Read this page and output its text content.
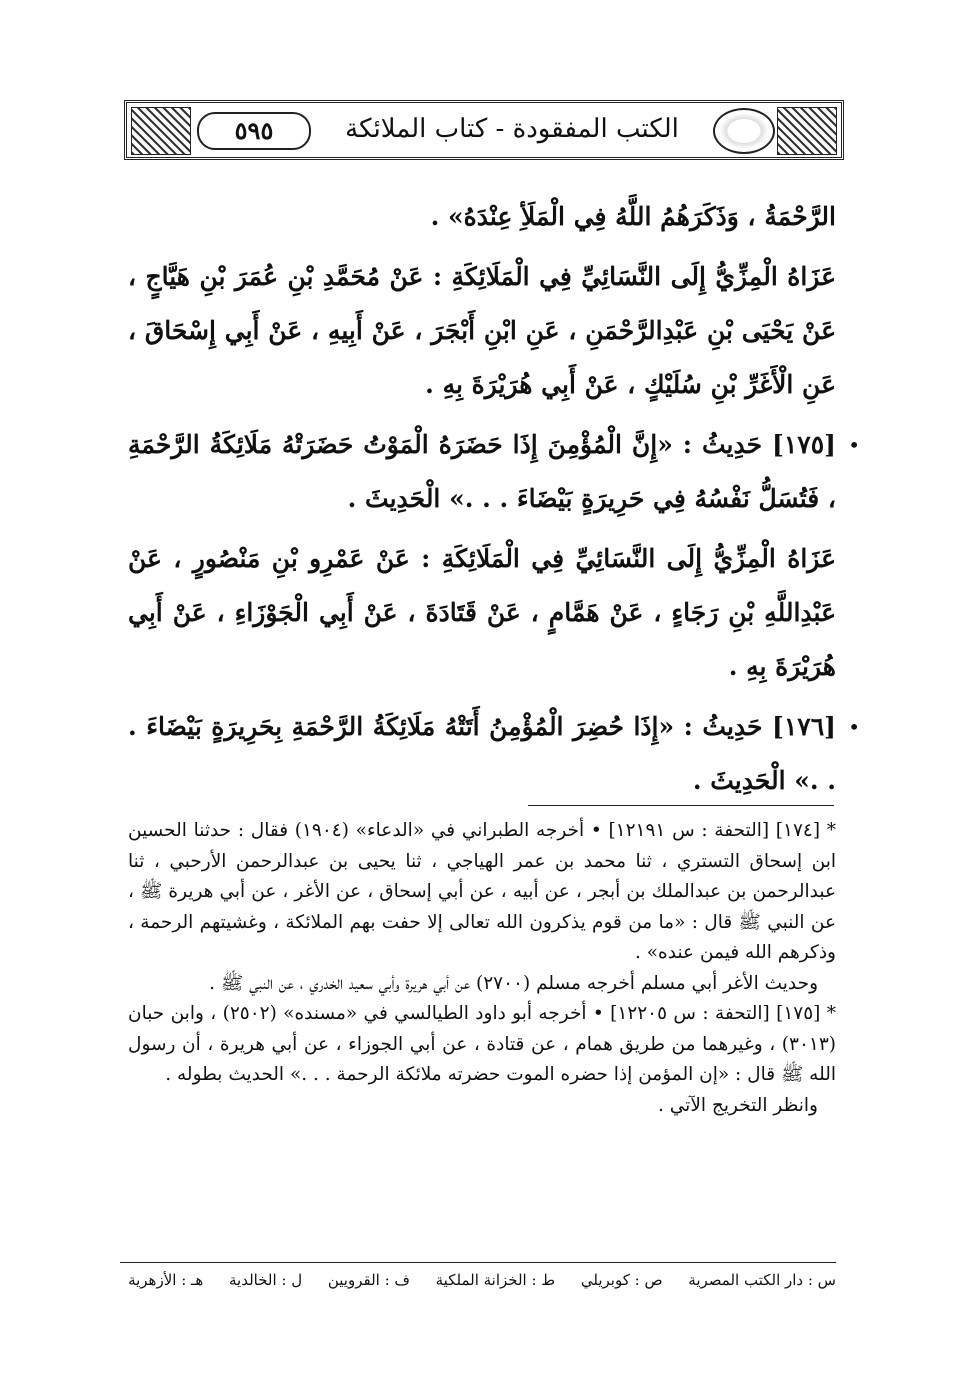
٥٩٥	الكتب المفقودة - كتاب الملائكة

الرَّحْمَةُ ، وَذَكَرَهُمُ اللَّهُ فِي الْمَلَأِ عِنْدَهُ» .

عَزَاهُ الْمِزِّيُّ إِلَى النَّسَائِيِّ فِي الْمَلَائِكَةِ : عَنْ مُحَمَّدِ بْنِ عُمَرَ بْنِ هَيَّاجٍ ، عَنْ يَحْيَى بْنِ عَبْدِالرَّحْمَنِ ، عَنِ ابْنِ أَبْجَرَ ، عَنْ أَبِيهِ ، عَنْ أَبِي إِسْحَاقَ ، عَنِ الْأَغَرِّ بْنِ سُلَيْكٍ ، عَنْ أَبِي هُرَيْرَةَ بِهِ .

•
[١٧٥] حَدِيثُ : «إِنَّ الْمُؤْمِنَ إِذَا حَضَرَهُ الْمَوْتُ حَضَرَتْهُ مَلَائِكَةُ الرَّحْمَةِ ، فَتُسَلُّ نَفْسُهُ فِي حَرِيرَةٍ بَيْضَاءَ . . .» الْحَدِيثَ .

عَزَاهُ الْمِزِّيُّ إِلَى النَّسَائِيِّ فِي الْمَلَائِكَةِ : عَنْ عَمْرِو بْنِ مَنْصُورٍ ، عَنْ عَبْدِاللَّهِ بْنِ رَجَاءٍ ، عَنْ هَمَّامٍ ، عَنْ قَتَادَةَ ، عَنْ أَبِي الْجَوْزَاءِ ، عَنْ أَبِي هُرَيْرَةَ بِهِ .

•
[١٧٦] حَدِيثُ : «إِذَا حُضِرَ الْمُؤْمِنُ أَتَتْهُ مَلَائِكَةُ الرَّحْمَةِ بِحَرِيرَةٍ بَيْضَاءَ . . .» الْحَدِيثَ .

* [١٧٤] [التحفة : س ١٢١٩١] • أخرجه الطبراني في «الدعاء» (١٩٠٤) فقال : حدثنا الحسين ابن إسحاق التستري ، ثنا محمد بن عمر الهياجي ، ثنا يحيى بن عبدالرحمن الأرحبي ، ثنا عبدالرحمن بن عبدالملك بن أبجر ، عن أبيه ، عن أبي إسحاق ، عن الأغر ، عن أبي هريرة ﷺ ، عن النبي ﷺ قال : «ما من قوم يذكرون الله تعالى إلا حفت بهم الملائكة ، وغشيتهم الرحمة ، وذكرهم الله فيمن عنده» .

وحديث الأغر أبي مسلم أخرجه مسلم (٢٧٠٠) عن أبي هريرة وأبي سعيد الخدري ، عن النبي ﷺ .

* [١٧٥] [التحفة : س ١٢٢٠٥] • أخرجه أبو داود الطيالسي في «مسنده» (٢٥٠٢) ، وابن حبان (٣٠١٣) ، وغيرهما من طريق همام ، عن قتادة ، عن أبي الجوزاء ، عن أبي هريرة ، أن رسول الله ﷺ قال : «إن المؤمن إذا حضره الموت حضرته ملائكة الرحمة . . .» الحديث بطوله .

وانظر التخريج الآتي .

س : دار الكتب المصرية
ص : كوبريلي
ط : الخزانة الملكية
ف : القرويين
ل : الخالدية
هـ : الأزهرية
